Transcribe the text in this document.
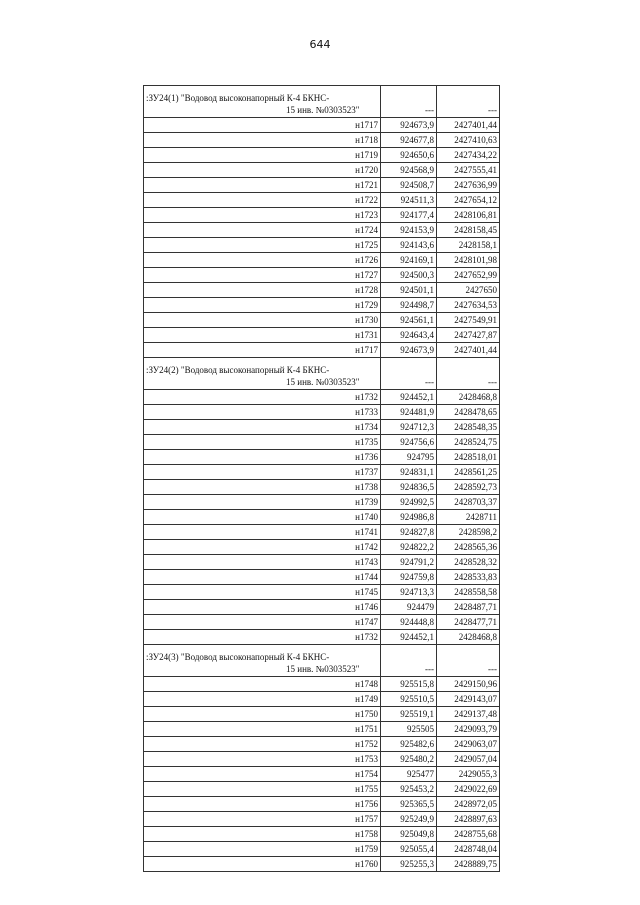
644
:ЗУ24(1) "Водовод высоконапорный К-4 БКНС-
15 инв. №0303523"	---	---
н1717	924673,9	2427401,44
н1718	924677,8	2427410,63
н1719	924650,6	2427434,22
н1720	924568,9	2427555,41
н1721	924508,7	2427636,99
н1722	924511,3	2427654,12
н1723	924177,4	2428106,81
н1724	924153,9	2428158,45
н1725	924143,6	2428158,1
н1726	924169,1	2428101,98
н1727	924500,3	2427652,99
н1728	924501,1	2427650
н1729	924498,7	2427634,53
н1730	924561,1	2427549,91
н1731	924643,4	2427427,87
н1717	924673,9	2427401,44

:ЗУ24(2) "Водовод высоконапорный К-4 БКНС-
15 инв. №0303523"	---	---
н1732	924452,1	2428468,8
н1733	924481,9	2428478,65
н1734	924712,3	2428548,35
н1735	924756,6	2428524,75
н1736	924795	2428518,01
н1737	924831,1	2428561,25
н1738	924836,5	2428592,73
н1739	924992,5	2428703,37
н1740	924986,8	2428711
н1741	924827,8	2428598,2
н1742	924822,2	2428565,36
н1743	924791,2	2428528,32
н1744	924759,8	2428533,83
н1745	924713,3	2428558,58
н1746	924479	2428487,71
н1747	924448,8	2428477,71
н1732	924452,1	2428468,8

:ЗУ24(3) "Водовод высоконапорный К-4 БКНС-
15 инв. №0303523"	---	---
н1748	925515,8	2429150,96
н1749	925510,5	2429143,07
н1750	925519,1	2429137,48
н1751	925505	2429093,79
н1752	925482,6	2429063,07
н1753	925480,2	2429057,04
н1754	925477	2429055,3
н1755	925453,2	2429022,69
н1756	925365,5	2428972,05
н1757	925249,9	2428897,63
н1758	925049,8	2428755,68
н1759	925055,4	2428748,04
н1760	925255,3	2428889,75
